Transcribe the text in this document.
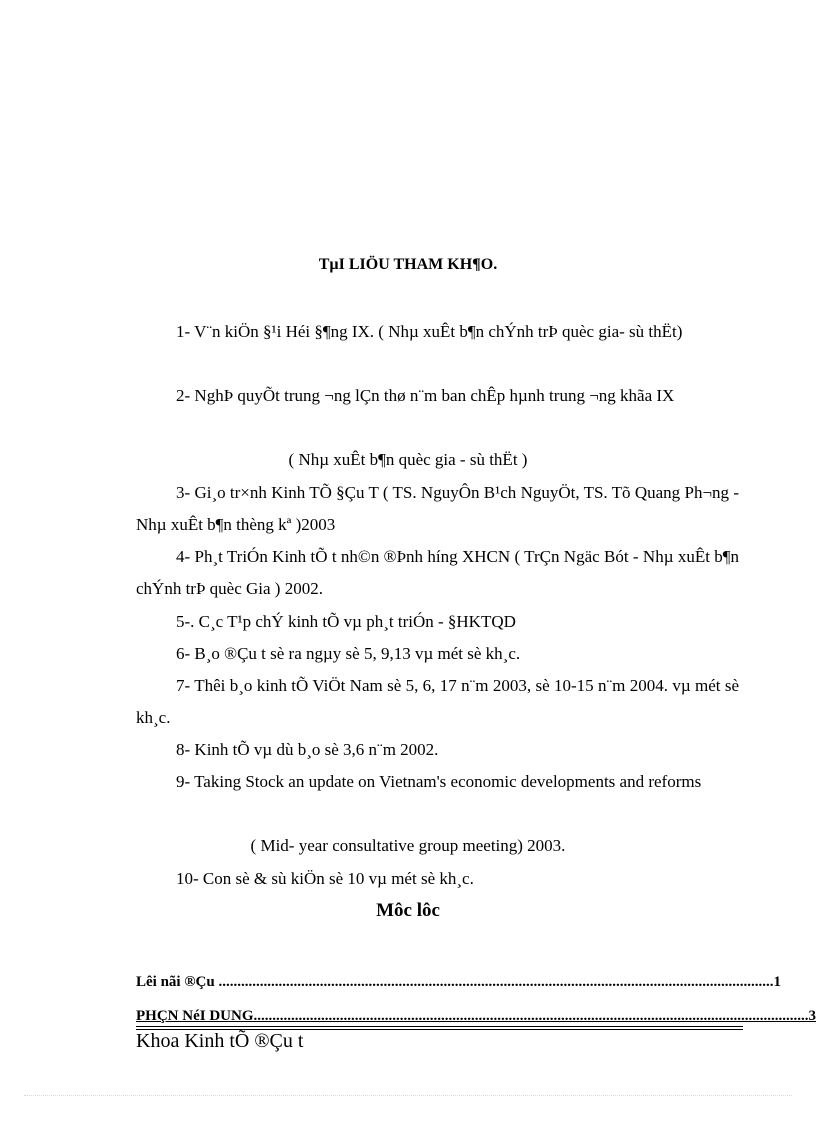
TµI LIÖU THAM KH¶O.
1- V¨n kiÖn §¹i Héi §¶ng IX. ( Nhµ xuÊt b¶n chÝnh trÞ quèc gia- sù thËt)
2- NghÞ quyÕt trung ¬ng lÇn thø n¨m ban chÊp hµnh trung ¬ng khãa IX
( Nhµ xuÊt b¶n quèc gia - sù thËt )
3- Gi¸o tr×nh Kinh TÕ §Çu T ( TS. NguyÔn B¹ch NguyÖt, TS. Tõ Quang Ph¬ng - Nhµ xuÊt b¶n thèng kª )2003
4- Ph¸t TriÓn Kinh tÕ t nh©n ®Þnh híng XHCN ( TrÇn Ngäc Bót - Nhµ xuÊt b¶n chÝnh trÞ quèc Gia ) 2002.
5-. C¸c T¹p chÝ kinh tÕ vµ ph¸t triÓn - §HKTQD
6- B¸o ®Çu t sè ra ngµy sè 5, 9,13 vµ mét sè kh¸c.
7- Thêi b¸o kinh tÕ ViÖt Nam sè 5, 6, 17 n¨m 2003, sè 10-15 n¨m 2004. vµ mét sè kh¸c.
8- Kinh tÕ vµ dù b¸o sè 3,6 n¨m 2002.
9- Taking Stock an update on Vietnam's economic developments and reforms
( Mid- year consultative group meeting) 2003.
10- Con sè & sù kiÖn sè 10 vµ mét sè kh¸c.
Môc lôc
Lêi nãi ®Çu .................................................................................................................................................... 1
PHÇN NéI DUNG .................................................................................................................................................... 3
Khoa Kinh tÕ ®Çu t
